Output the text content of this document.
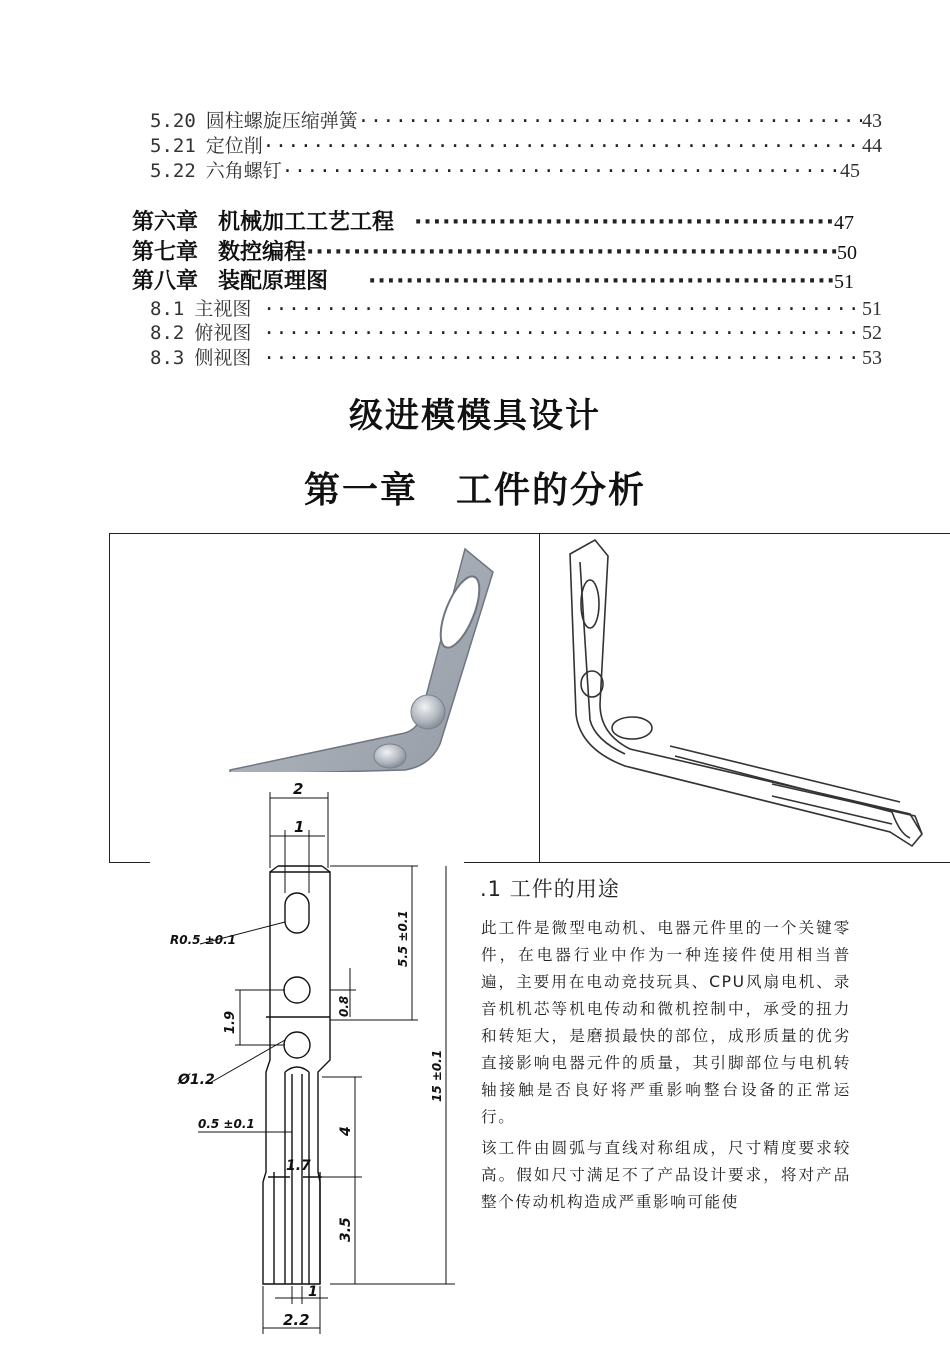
5.20 圆柱螺旋压缩弹簧 ·····	43
5.21 定位削 ·····	44
5.22 六角螺钉 ·····	45
第六章 机械加工工艺工程 ·····	47
第七章 数控编程 ·····	50
第八章 装配原理图 ·····	51
8.1 主视图 ·····	51
8.2 俯视图 ·····	52
8.3 侧视图 ·····	53
级进模模具设计
第一章　工件的分析
2
1
R0.5 ±0.1
Ø1.2
0.5 ±0.1
1.7
1
2.2
1.9
0.8
5.5 ±0.1
15 ±0.1
4
3.5
.1 工件的用途
此工件是微型电动机、电器元件里的一个关键零件，在电器行业中作为一种连接件使用相当普遍，主要用在电动竞技玩具、CPU风扇电机、录音机机芯等机电传动和微机控制中，承受的扭力和转矩大，是磨损最快的部位，成形质量的优劣直接影响电器元件的质量，其引脚部位与电机转轴接触是否良好将严重影响整台设备的正常运行。
该工件由圆弧与直线对称组成，尺寸精度要求较高。假如尺寸满足不了产品设计要求，将对产品整个传动机构造成严重影响可能使
